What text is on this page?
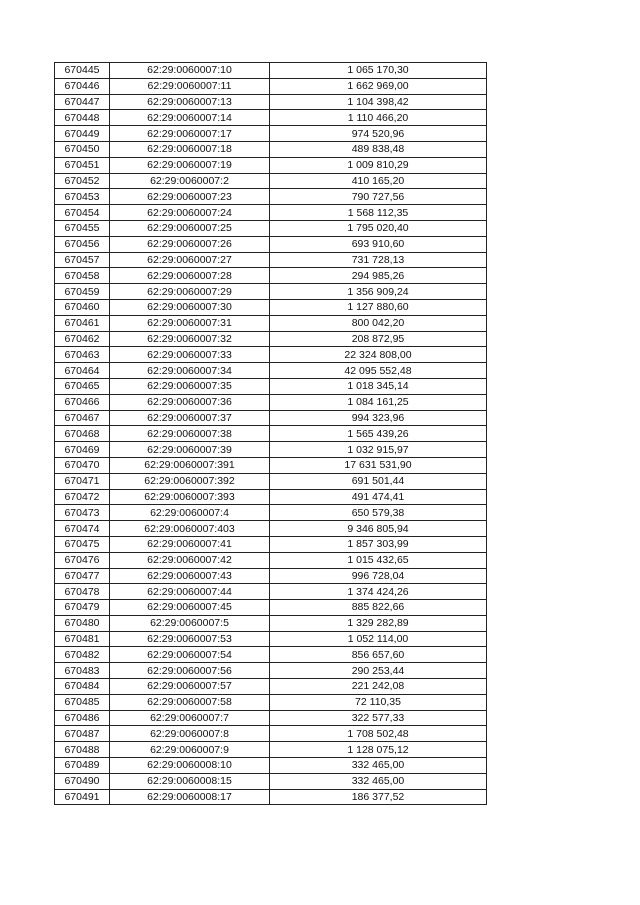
670445	62:29:0060007:10	1 065 170,30
670446	62:29:0060007:11	1 662 969,00
670447	62:29:0060007:13	1 104 398,42
670448	62:29:0060007:14	1 110 466,20
670449	62:29:0060007:17	974 520,96
670450	62:29:0060007:18	489 838,48
670451	62:29:0060007:19	1 009 810,29
670452	62:29:0060007:2	410 165,20
670453	62:29:0060007:23	790 727,56
670454	62:29:0060007:24	1 568 112,35
670455	62:29:0060007:25	1 795 020,40
670456	62:29:0060007:26	693 910,60
670457	62:29:0060007:27	731 728,13
670458	62:29:0060007:28	294 985,26
670459	62:29:0060007:29	1 356 909,24
670460	62:29:0060007:30	1 127 880,60
670461	62:29:0060007:31	800 042,20
670462	62:29:0060007:32	208 872,95
670463	62:29:0060007:33	22 324 808,00
670464	62:29:0060007:34	42 095 552,48
670465	62:29:0060007:35	1 018 345,14
670466	62:29:0060007:36	1 084 161,25
670467	62:29:0060007:37	994 323,96
670468	62:29:0060007:38	1 565 439,26
670469	62:29:0060007:39	1 032 915,97
670470	62:29:0060007:391	17 631 531,90
670471	62:29:0060007:392	691 501,44
670472	62:29:0060007:393	491 474,41
670473	62:29:0060007:4	650 579,38
670474	62:29:0060007:403	9 346 805,94
670475	62:29:0060007:41	1 857 303,99
670476	62:29:0060007:42	1 015 432,65
670477	62:29:0060007:43	996 728,04
670478	62:29:0060007:44	1 374 424,26
670479	62:29:0060007:45	885 822,66
670480	62:29:0060007:5	1 329 282,89
670481	62:29:0060007:53	1 052 114,00
670482	62:29:0060007:54	856 657,60
670483	62:29:0060007:56	290 253,44
670484	62:29:0060007:57	221 242,08
670485	62:29:0060007:58	72 110,35
670486	62:29:0060007:7	322 577,33
670487	62:29:0060007:8	1 708 502,48
670488	62:29:0060007:9	1 128 075,12
670489	62:29:0060008:10	332 465,00
670490	62:29:0060008:15	332 465,00
670491	62:29:0060008:17	186 377,52
